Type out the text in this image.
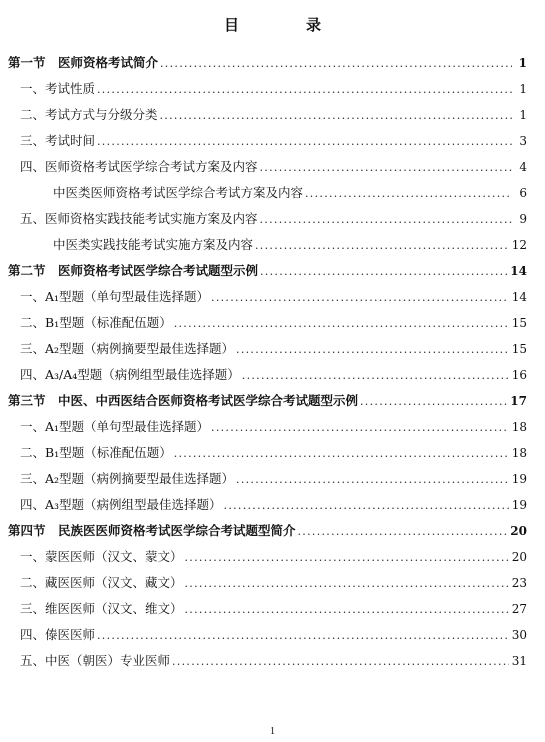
目　录
第一节　医师资格考试简介 . . .	1
一、考试性质 . . .	1
二、考试方式与分级分类 . . .	1
三、考试时间 . . .	3
四、医师资格考试医学综合考试方案及内容 . . .	4
中医类医师资格考试医学综合考试方案及内容 . . .	6
五、医师资格实践技能考试实施方案及内容 . . .	9
中医类实践技能考试实施方案及内容 . . .	12
第二节　医师资格考试医学综合考试题型示例 . . .	14
一、A₁型题（单句型最佳选择题） . . .	14
二、B₁型题（标准配伍题） . . .	15
三、A₂型题（病例摘要型最佳选择题） . . .	15
四、A₃/A₄型题（病例组型最佳选择题） . . .	16
第三节　中医、中西医结合医师资格考试医学综合考试题型示例 . . .	17
一、A₁型题（单句型最佳选择题） . . .	18
二、B₁型题（标准配伍题） . . .	18
三、A₂型题（病例摘要型最佳选择题） . . .	19
四、A₃型题（病例组型最佳选择题） . . .	19
第四节　民族医医师资格考试医学综合考试题型简介 . . .	20
一、蒙医医师（汉文、蒙文） . . .	20
二、藏医医师（汉文、藏文） . . .	23
三、维医医师（汉文、维文） . . .	27
四、傣医医师 . . .	30
五、中医（朝医）专业医师 . . .	31
1
